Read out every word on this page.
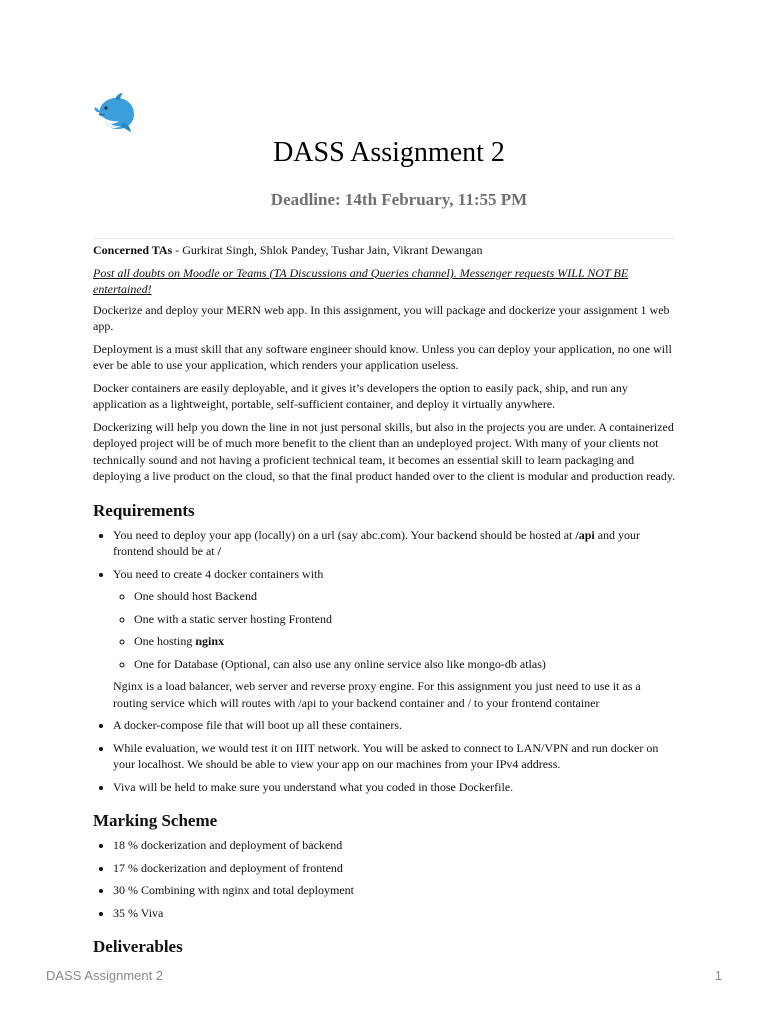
DASS Assignment 2
Deadline: 14th February, 11:55 PM

Concerned TAs - Gurkirat Singh, Shlok Pandey, Tushar Jain, Vikrant Dewangan

Post all doubts on Moodle or Teams (TA Discussions and Queries channel). Messenger requests WILL NOT BE entertained!

Dockerize and deploy your MERN web app. In this assignment, you will package and dockerize your assignment 1 web app.

Deployment is a must skill that any software engineer should know. Unless you can deploy your application, no one will ever be able to use your application, which renders your application useless.

Docker containers are easily deployable, and it gives it’s developers the option to easily pack, ship, and run any application as a lightweight, portable, self-sufficient container, and deploy it virtually anywhere.

Dockerizing will help you down the line in not just personal skills, but also in the projects you are under. A containerized deployed project will be of much more benefit to the client than an undeployed project. With many of your clients not technically sound and not having a proficient technical team, it becomes an essential skill to learn packaging and deploying a live product on the cloud, so that the final product handed over to the client is modular and production ready.

Requirements
• You need to deploy your app (locally) on a url (say abc.com). Your backend should be hosted at /api and your frontend should be at /
• You need to create 4 docker containers with
◦ One should host Backend
◦ One with a static server hosting Frontend
◦ One hosting nginx
◦ One for Database (Optional, can also use any online service also like mongo-db atlas)

Nginx is a load balancer, web server and reverse proxy engine. For this assignment you just need to use it as a routing service which will routes with /api to your backend container and / to your frontend container

• A docker-compose file that will boot up all these containers.
• While evaluation, we would test it on IIIT network. You will be asked to connect to LAN/VPN and run docker on your localhost. We should be able to view your app on our machines from your IPv4 address.
• Viva will be held to make sure you understand what you coded in those Dockerfile.
Marking Scheme
• 18 % dockerization and deployment of backend
• 17 % dockerization and deployment of frontend
• 30 % Combining with nginx and total deployment
• 35 % Viva
Deliverables
DASS Assignment 2	1
